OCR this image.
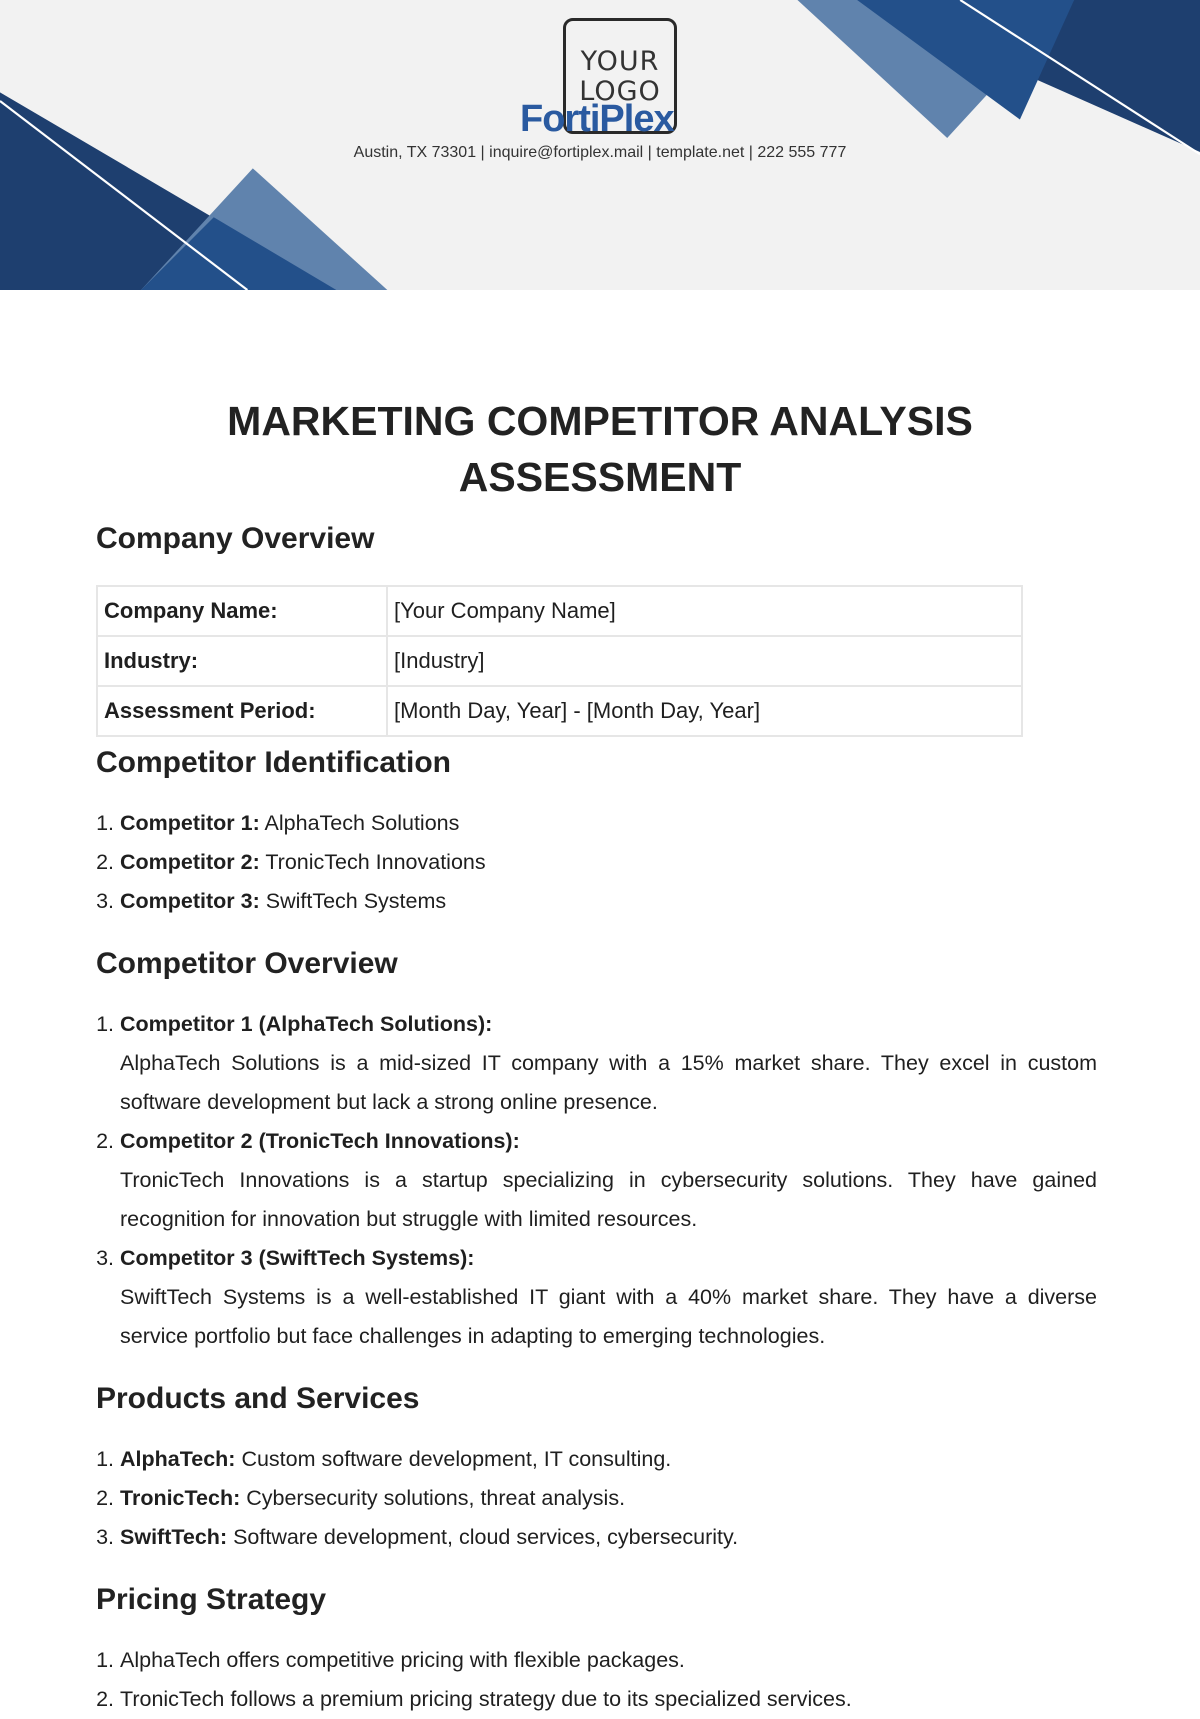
YOUR LOGO
FortiPlex
Austin, TX 73301 | inquire@fortiplex.mail | template.net | 222 555 777
MARKETING COMPETITOR ANALYSIS ASSESSMENT
Company Overview
Company Name:	[Your Company Name]
Industry:	[Industry]
Assessment Period:	[Month Day, Year] - [Month Day, Year]
Competitor Identification
1. Competitor 1: AlphaTech Solutions
2. Competitor 2: TronicTech Innovations
3. Competitor 3: SwiftTech Systems
Competitor Overview
1. Competitor 1 (AlphaTech Solutions):
AlphaTech Solutions is a mid-sized IT company with a 15% market share. They excel in custom software development but lack a strong online presence.
2. Competitor 2 (TronicTech Innovations):
TronicTech Innovations is a startup specializing in cybersecurity solutions. They have gained recognition for innovation but struggle with limited resources.
3. Competitor 3 (SwiftTech Systems):
SwiftTech Systems is a well-established IT giant with a 40% market share. They have a diverse service portfolio but face challenges in adapting to emerging technologies.
Products and Services
1. AlphaTech: Custom software development, IT consulting.
2. TronicTech: Cybersecurity solutions, threat analysis.
3. SwiftTech: Software development, cloud services, cybersecurity.
Pricing Strategy
1. AlphaTech offers competitive pricing with flexible packages.
2. TronicTech follows a premium pricing strategy due to its specialized services.
